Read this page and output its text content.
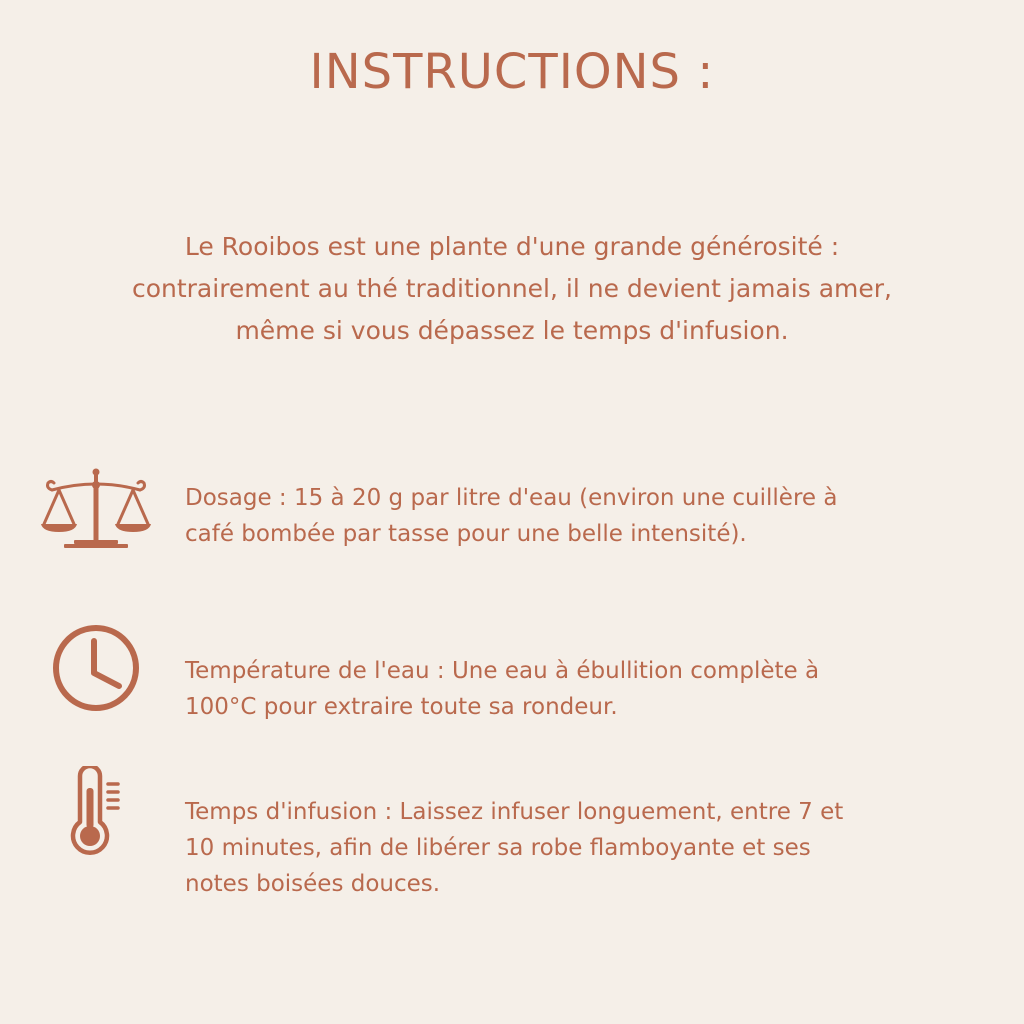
INSTRUCTIONS :

Le Rooibos est une plante d'une grande générosité :
contrairement au thé traditionnel, il ne devient jamais amer,
même si vous dépassez le temps d'infusion.

Dosage : 15 à 20 g par litre d'eau (environ une cuillère à
café bombée par tasse pour une belle intensité).
Température de l'eau : Une eau à ébullition complète à
100°C pour extraire toute sa rondeur.
Temps d'infusion : Laissez infuser longuement, entre 7 et
10 minutes, afin de libérer sa robe flamboyante et ses
notes boisées douces.
